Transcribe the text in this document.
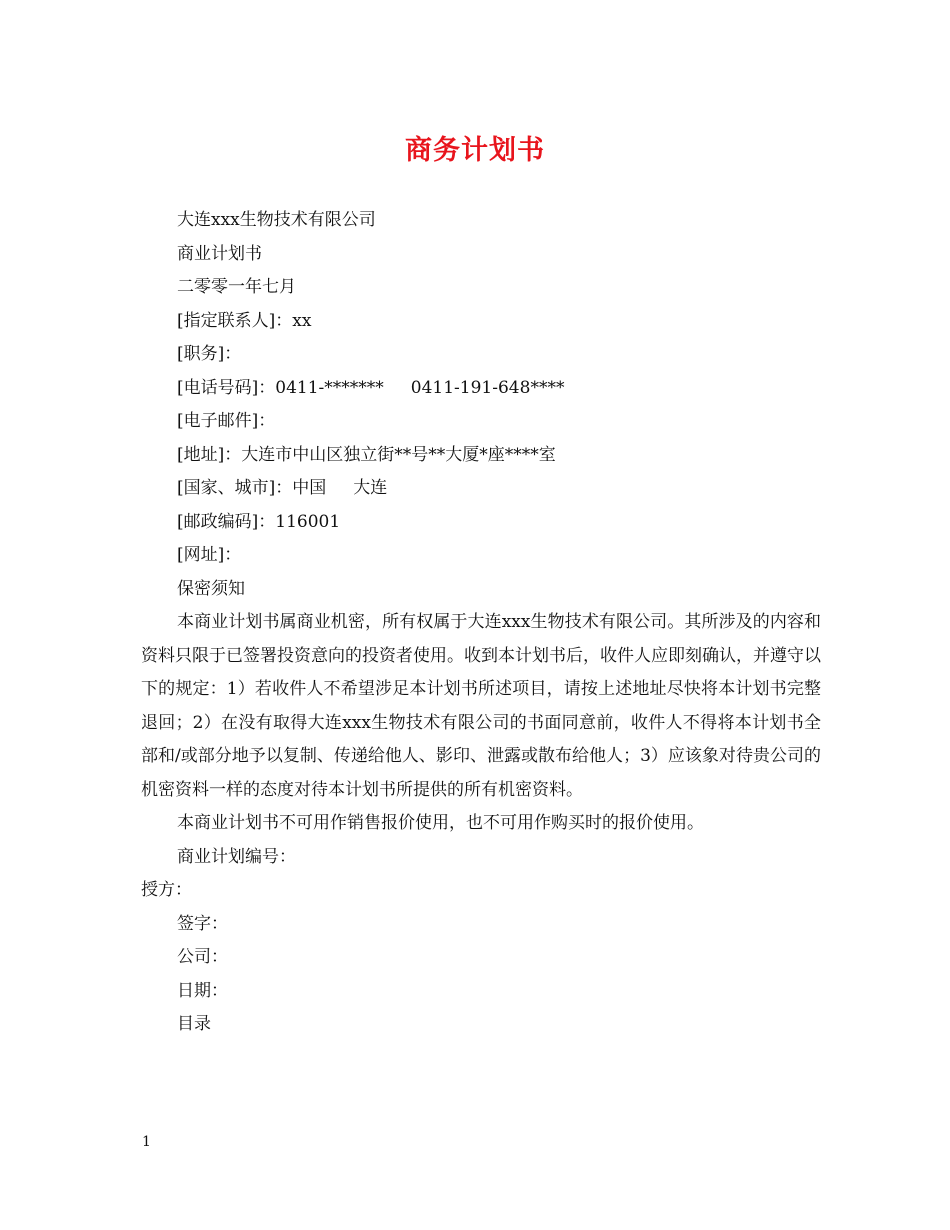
商务计划书

大连xxx生物技术有限公司

商业计划书

二零零一年七月

[指定联系人]：xx

[职务]：

[电话号码]：0411-*******     0411-191-648****

[电子邮件]：

[地址]：大连市中山区独立街**号**大厦*座****室

[国家、城市]：中国     大连

[邮政编码]：116001

[网址]：

保密须知

本商业计划书属商业机密，所有权属于大连xxx生物技术有限公司。其所涉及的内容和资料只限于已签署投资意向的投资者使用。收到本计划书后，收件人应即刻确认，并遵守以下的规定：1）若收件人不希望涉足本计划书所述项目，请按上述地址尽快将本计划书完整退回；2）在没有取得大连xxx生物技术有限公司的书面同意前，收件人不得将本计划书全部和/或部分地予以复制、传递给他人、影印、泄露或散布给他人；3）应该象对待贵公司的机密资料一样的态度对待本计划书所提供的所有机密资料。

本商业计划书不可用作销售报价使用，也不可用作购买时的报价使用。

商业计划编号：

授方：

签字：

公司：

日期：

目录

1
